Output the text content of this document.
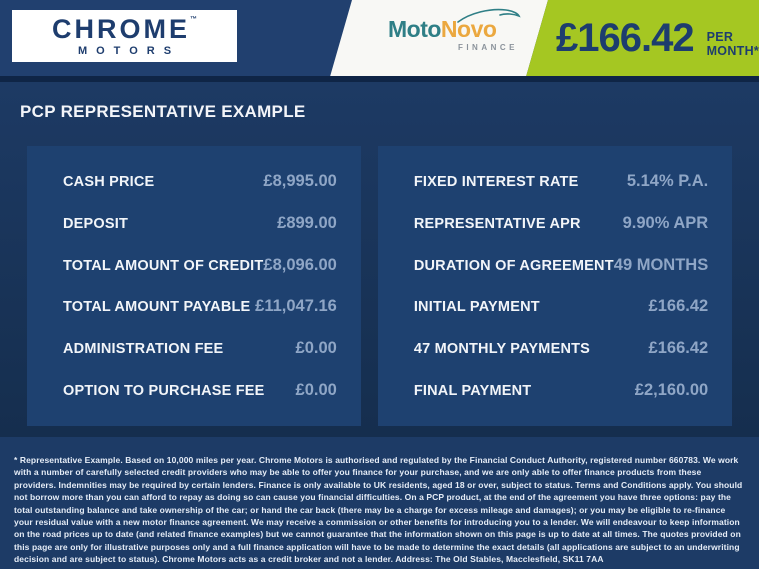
CHROME™
MOTORS
MotoNovo
FINANCE £166.42 PER MONTH*
PCP REPRESENTATIVE EXAMPLE
CASH PRICE	£8,995.00
DEPOSIT	£899.00
TOTAL AMOUNT OF CREDIT £8,096.00
TOTAL AMOUNT PAYABLE £11,047.16
ADMINISTRATION FEE	£0.00
OPTION TO PURCHASE FEE £0.00
FIXED INTEREST RATE	5.14% P.A.
REPRESENTATIVE APR	9.90% APR
DURATION OF AGREEMENT 49 MONTHS
INITIAL PAYMENT	£166.42
47 MONTHLY PAYMENTS	£166.42
FINAL PAYMENT	£2,160.00

* Representative Example. Based on 10,000 miles per year. Chrome Motors is authorised and regulated by the Financial Conduct Authority, registered number 660783. We work with a number of carefully selected credit providers who may be able to offer you finance for your purchase, and we are only able to offer finance products from these providers. Indemnities may be required by certain lenders. Finance is only available to UK residents, aged 18 or over, subject to status. Terms and Conditions apply. You should not borrow more than you can afford to repay as doing so can cause you financial difficulties. On a PCP product, at the end of the agreement you have three options: pay the total outstanding balance and take ownership of the car; or hand the car back (there may be a charge for excess mileage and damages); or you may be eligible to re-finance your residual value with a new motor finance agreement. We may receive a commission or other benefits for introducing you to a lender. We will endeavour to keep information on the road prices up to date (and related finance examples) but we cannot guarantee that the information shown on this page is up to date at all times. The quotes provided on this page are only for illustrative purposes only and a full finance application will have to be made to determine the exact details (all applications are subject to an underwriting decision and are subject to status). Chrome Motors acts as a credit broker and not a lender. Address: The Old Stables, Macclesfield, SK11 7AA
